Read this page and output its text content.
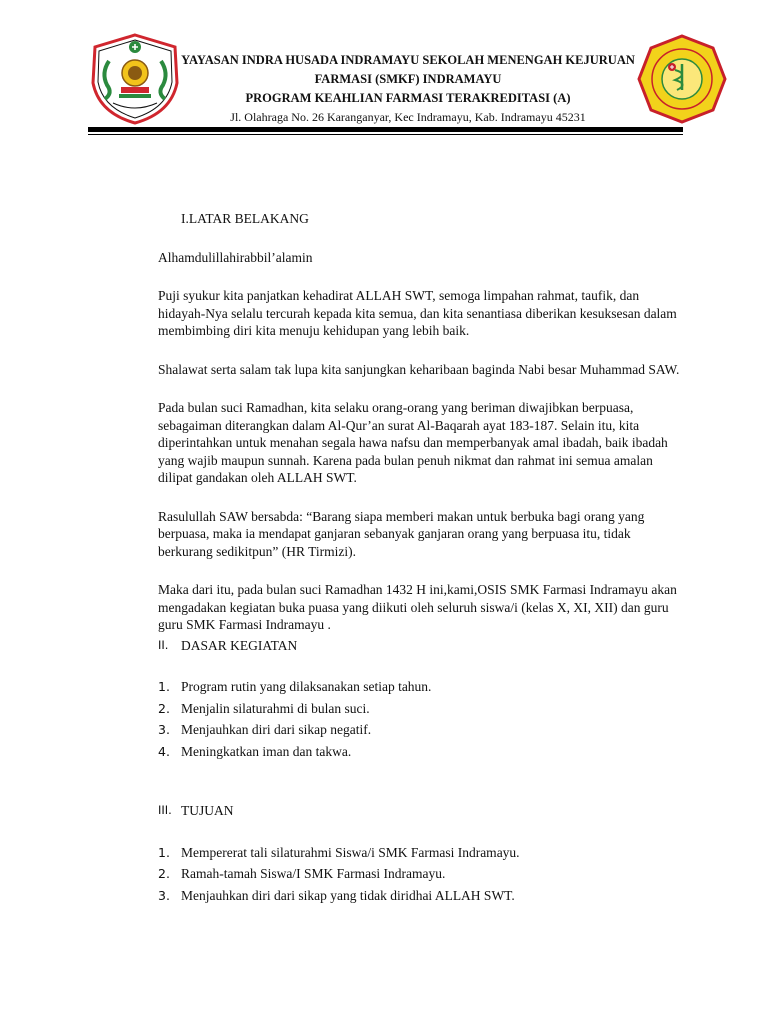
YAYASAN INDRA HUSADA INDRAMAYU SEKOLAH MENENGAH KEJURUAN
FARMASI (SMKF) INDRAMAYU
PROGRAM KEAHLIAN FARMASI TERAKREDITASI (A)
Jl. Olahraga No. 26 Karanganyar, Kec Indramayu, Kab. Indramayu 45231

I.LATAR BELAKANG

Alhamdulillahirabbil’alamin

Puji syukur kita panjatkan kehadirat ALLAH SWT, semoga limpahan rahmat, taufik, dan hidayah-Nya selalu tercurah kepada kita semua, dan kita senantiasa diberikan kesuksesan dalam membimbing diri kita menuju kehidupan yang lebih baik.

Shalawat serta salam tak lupa kita sanjungkan keharibaan baginda Nabi besar Muhammad SAW.

Pada bulan suci Ramadhan, kita selaku orang-orang yang beriman diwajibkan berpuasa, sebagaiman diterangkan dalam Al-Qur’an surat Al-Baqarah ayat 183-187. Selain itu, kita diperintahkan untuk menahan segala hawa nafsu dan memperbanyak amal ibadah, baik ibadah yang wajib maupun sunnah. Karena pada bulan penuh nikmat dan rahmat ini semua amalan dilipat gandakan oleh ALLAH SWT.

Rasulullah SAW bersabda: “Barang siapa memberi makan untuk berbuka bagi orang yang berpuasa, maka ia mendapat ganjaran sebanyak ganjaran orang yang berpuasa itu, tidak berkurang sedikitpun” (HR Tirmizi).

Maka dari itu, pada bulan suci Ramadhan 1432 H ini,kami,OSIS SMK Farmasi Indramayu akan mengadakan kegiatan buka puasa yang diikuti oleh seluruh siswa/i (kelas X, XI, XII) dan guru guru SMK Farmasi Indramayu .

II. DASAR KEGIATAN
1. Program rutin yang dilaksanakan setiap tahun.
2. Menjalin silaturahmi di bulan suci.
3. Menjauhkan diri dari sikap negatif.
4. Meningkatkan iman dan takwa.
III. TUJUAN
1. Mempererat tali silaturahmi Siswa/i SMK Farmasi Indramayu.
2. Ramah-tamah Siswa/I SMK Farmasi Indramayu.
3. Menjauhkan diri dari sikap yang tidak diridhai ALLAH SWT.
